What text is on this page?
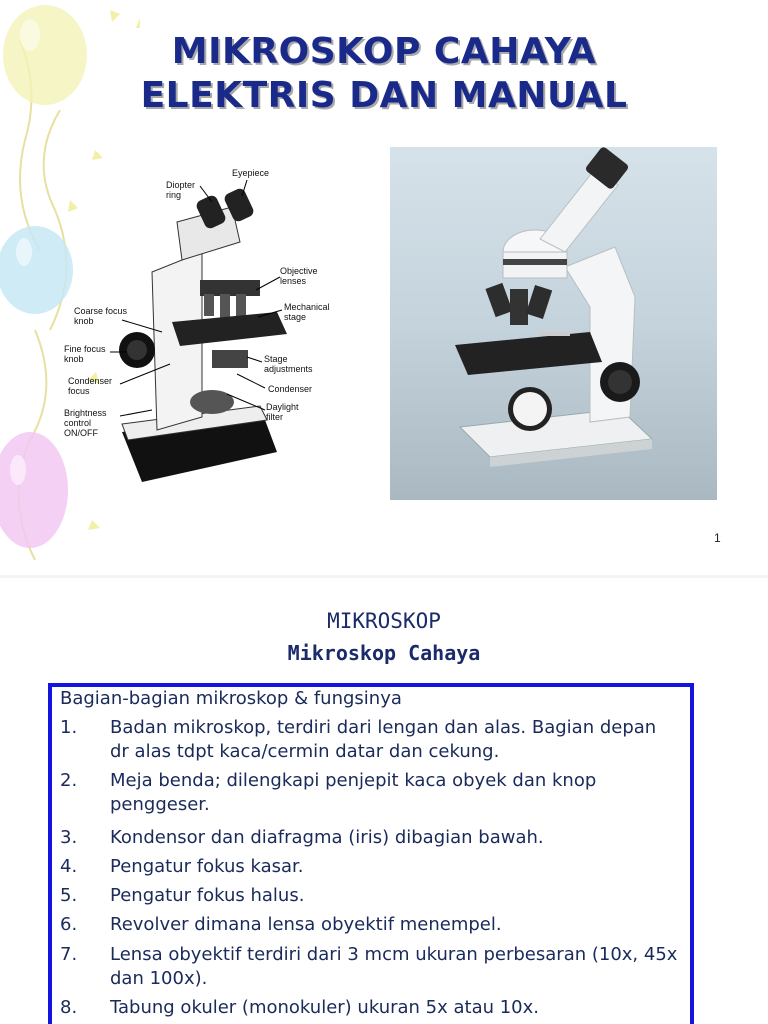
MIKROSKOP CAHAYA
ELEKTRIS DAN MANUAL
Diopter
ring
Eyepiece
Objective
lenses
Mechanical
stage
Coarse focus
knob
Fine focus
knob	Stage
adjustments
Condenser
focus	Condenser
Brightness
control
ON/OFF
Daylight
filter
1
MIKROSKOP
Mikroskop Cahaya
Bagian-bagian mikroskop & fungsinya
1.	Badan mikroskop, terdiri dari lengan dan alas. Bagian depan dr alas tdpt kaca/cermin datar dan cekung.
2.	Meja benda; dilengkapi penjepit kaca obyek dan knop penggeser.
3.	Kondensor dan diafragma (iris) dibagian bawah.
4.	Pengatur fokus kasar.
5.	Pengatur fokus halus.
6.	Revolver dimana lensa obyektif menempel.
7.	Lensa obyektif terdiri dari 3 mcm ukuran perbesaran (10x, 45x dan 100x).
8.	Tabung okuler (monokuler) ukuran 5x atau 10x.
